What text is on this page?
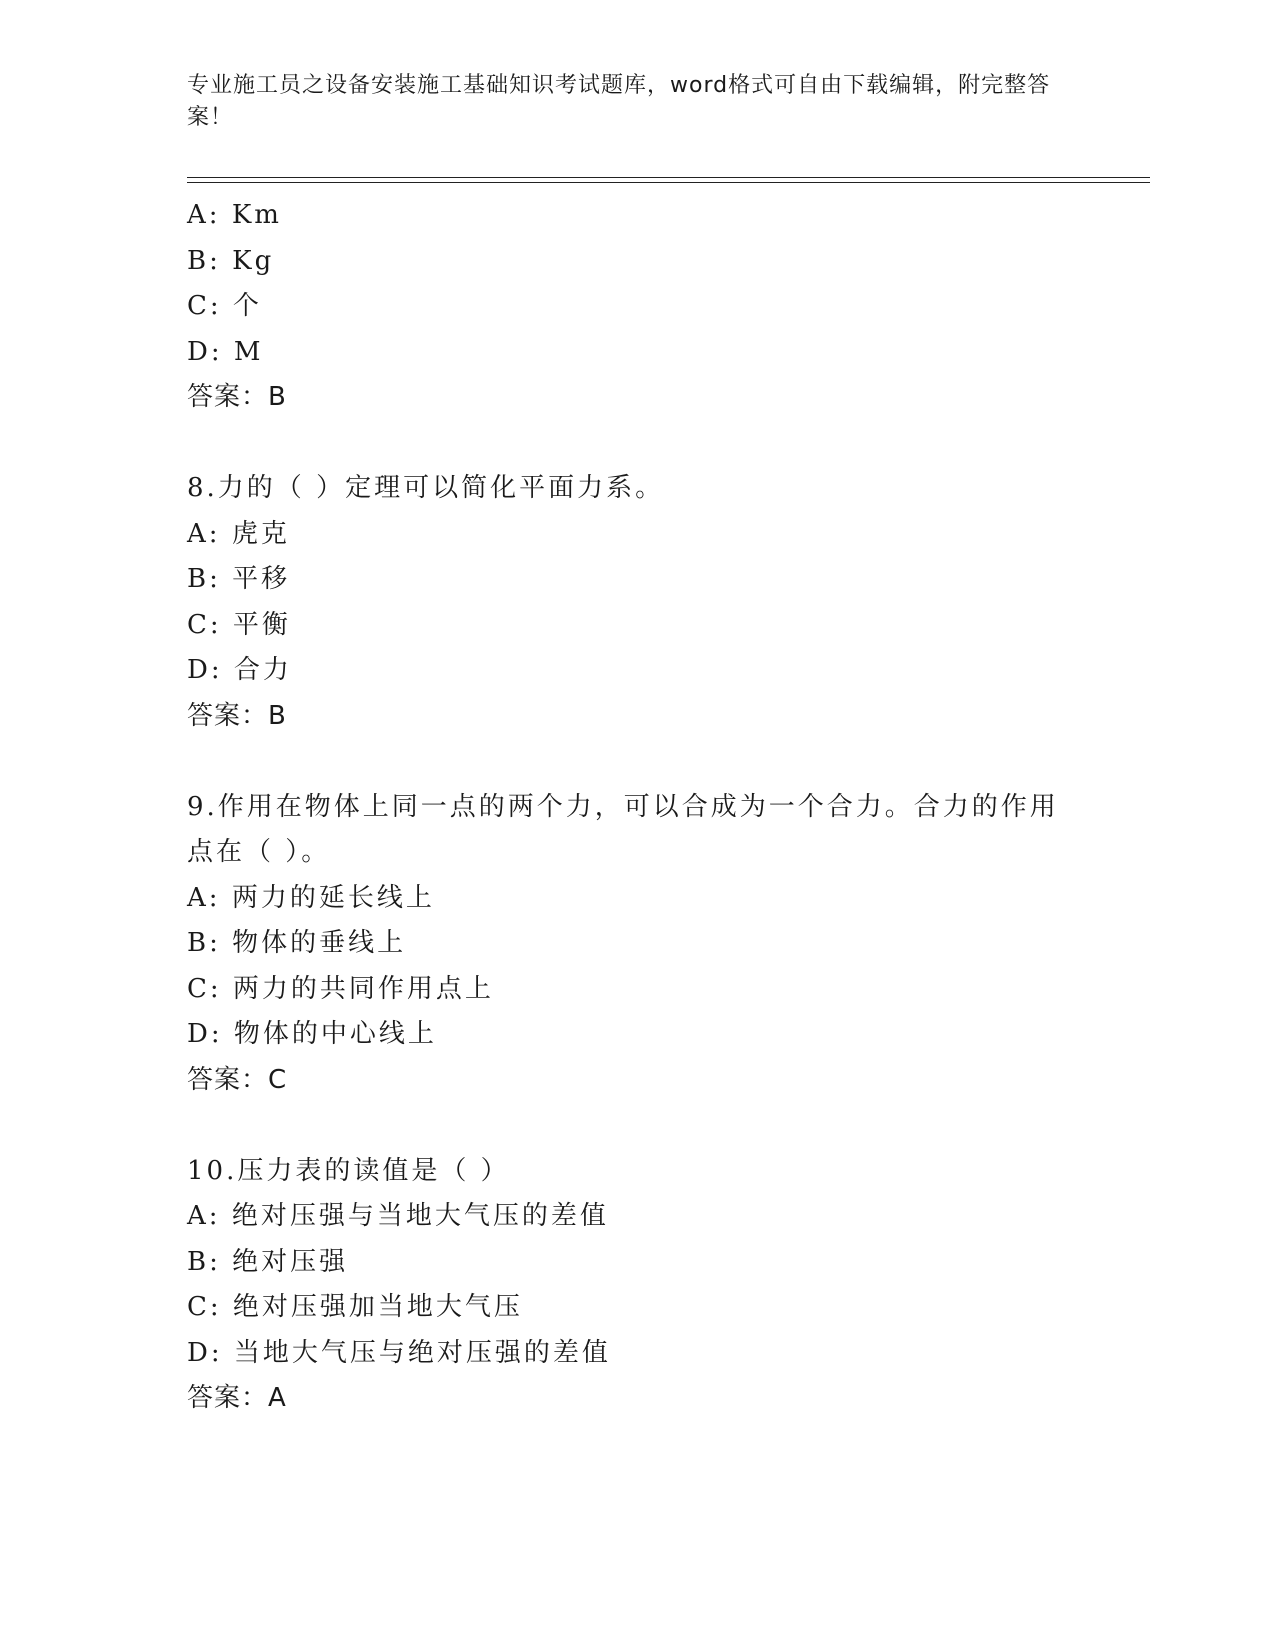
专业施工员之设备安装施工基础知识考试题库，word格式可自由下载编辑，附完整答案！
A: Km
B: Kg
C: 个
D: M
答案：B
8.力的（ ）定理可以简化平面力系。
A: 虎克
B: 平移
C: 平衡
D: 合力
答案：B
9.作用在物体上同一点的两个力，可以合成为一个合力。合力的作用点在（ ）。
A: 两力的延长线上
B: 物体的垂线上
C: 两力的共同作用点上
D: 物体的中心线上
答案：C
10.压力表的读值是（ ）
A: 绝对压强与当地大气压的差值
B: 绝对压强
C: 绝对压强加当地大气压
D: 当地大气压与绝对压强的差值
答案：A
